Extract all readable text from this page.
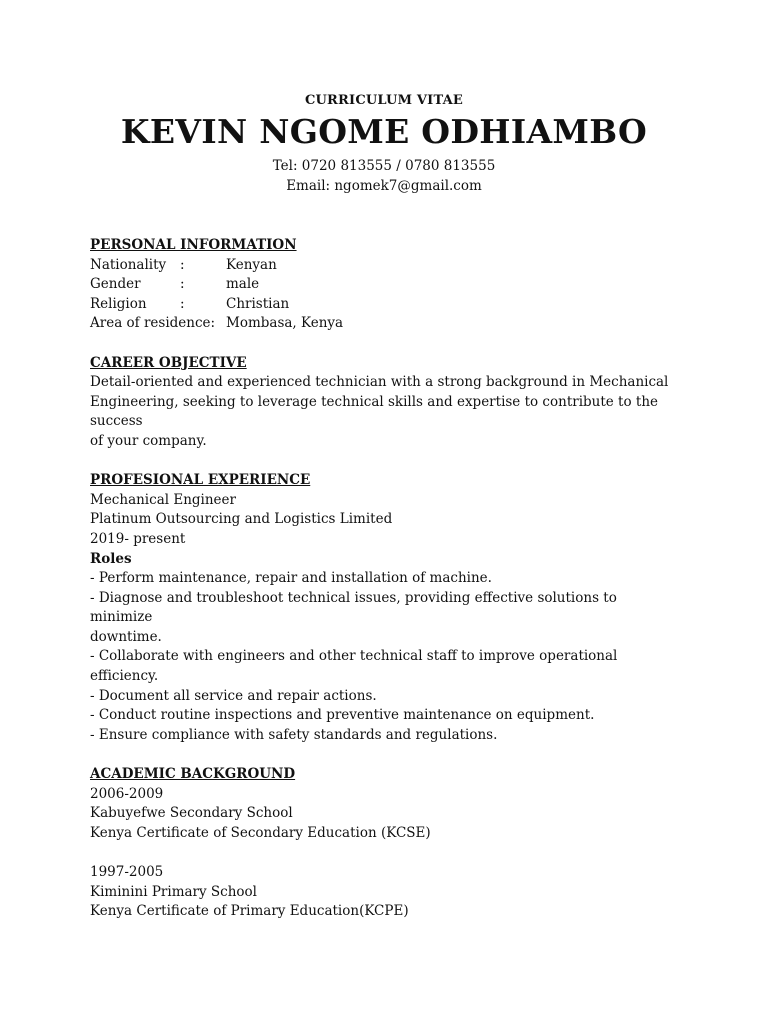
CURRICULUM VITAE
KEVIN NGOME ODHIAMBO
Tel: 0720 813555 / 0780 813555
Email: ngomek7@gmail.com
PERSONAL INFORMATION
Nationality	:	Kenyan
Gender	:	male
Religion	:	Christian
Area of residence: Mombasa, Kenya
CAREER OBJECTIVE
Detail-oriented and experienced technician with a strong background in Mechanical
Engineering, seeking to leverage technical skills and expertise to contribute to the success
of your company.
PROFESIONAL EXPERIENCE
Mechanical Engineer
Platinum Outsourcing and Logistics Limited
2019- present
Roles
- Perform maintenance, repair and installation of machine.
- Diagnose and troubleshoot technical issues, providing effective solutions to minimize
downtime.
- Collaborate with engineers and other technical staff to improve operational efficiency.
- Document all service and repair actions.
- Conduct routine inspections and preventive maintenance on equipment.
- Ensure compliance with safety standards and regulations.
ACADEMIC BACKGROUND
2006-2009
Kabuyefwe Secondary School
Kenya Certificate of Secondary Education (KCSE)
1997-2005
Kiminini Primary School
Kenya Certificate of Primary Education(KCPE)
